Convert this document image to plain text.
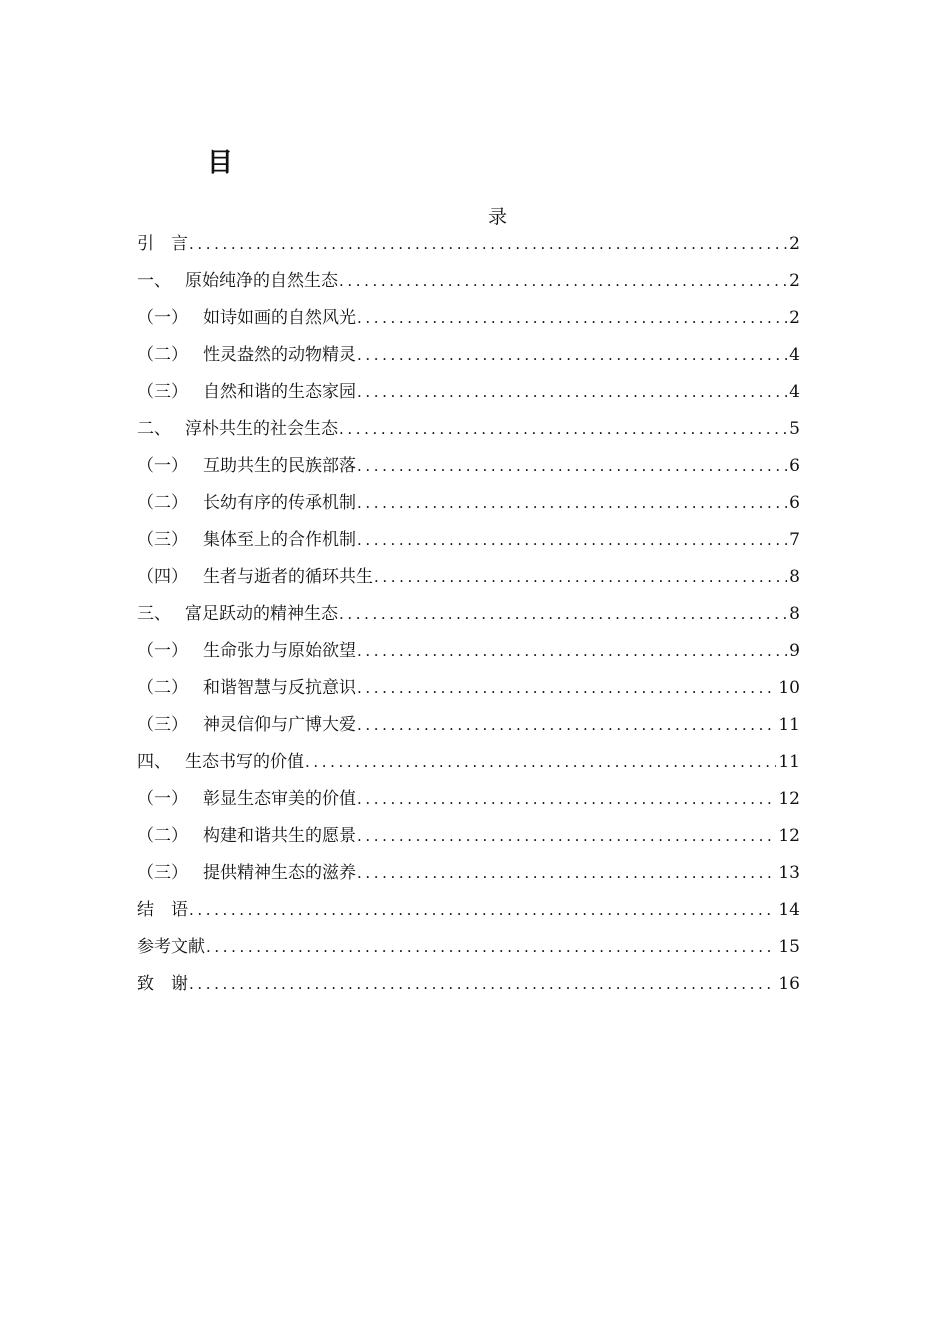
目
录
引　言 .....	2
一、 原始纯净的自然生态 .....	2
（一） 如诗如画的自然风光 .....	2
（二） 性灵盎然的动物精灵 .....	4
（三） 自然和谐的生态家园 .....	4
二、 淳朴共生的社会生态 .....	5
（一） 互助共生的民族部落 .....	6
（二） 长幼有序的传承机制 .....	6
（三） 集体至上的合作机制 .....	7
（四） 生者与逝者的循环共生 .....	8
三、 富足跃动的精神生态 .....	8
（一） 生命张力与原始欲望 .....	9
（二） 和谐智慧与反抗意识 .....	10
（三） 神灵信仰与广博大爱 .....	11
四、 生态书写的价值 .....	11
（一） 彰显生态审美的价值 .....	12
（二） 构建和谐共生的愿景 .....	12
（三） 提供精神生态的滋养 .....	13
结　语 .....	14
参考文献 .....	15
致　谢 .....	16
